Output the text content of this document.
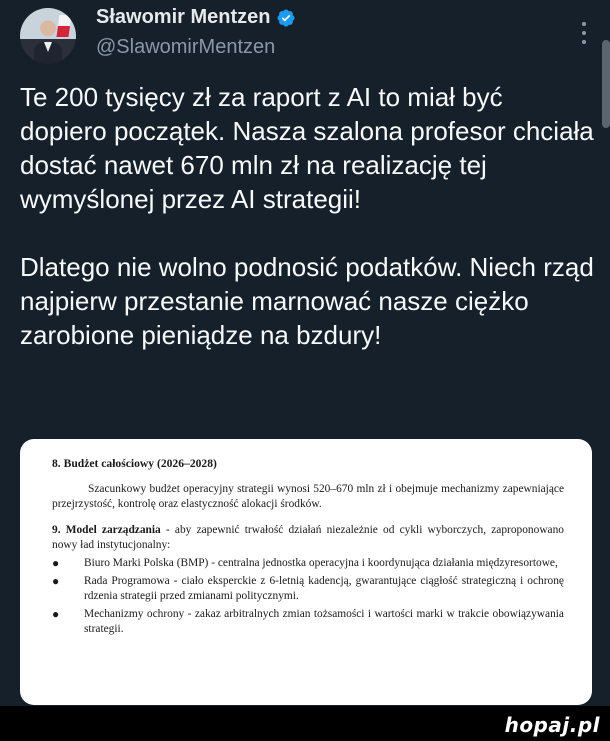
Sławomir Mentzen
@SlawomirMentzen

Te 200 tysięcy zł za raport z AI to miał być dopiero początek. Nasza szalona profesor chciała dostać nawet 670 mln zł na realizację tej wymyślonej przez AI strategii!

Dlatego nie wolno podnosić podatków. Niech rząd najpierw przestanie marnować nasze ciężko zarobione pieniądze na bzdury!

8. Budżet całościowy (2026–2028)

Szacunkowy budżet operacyjny strategii wynosi 520–670 mln zł i obejmuje mechanizmy zapewniające przejrzystość, kontrolę oraz elastyczność alokacji środków.

9. Model zarządzania - aby zapewnić trwałość działań niezależnie od cykli wyborczych, zaproponowano nowy ład instytucjonalny:

●	Biuro Marki Polska (BMP) - centralna jednostka operacyjna i koordynująca działania międzyresortowe,
●	Rada Programowa - ciało eksperckie z 6-letnią kadencją, gwarantujące ciągłość strategiczną i ochronę rdzenia strategii przed zmianami politycznymi.
●	Mechanizmy ochrony - zakaz arbitralnych zmian tożsamości i wartości marki w trakcie obowiązywania strategii.
hopaj.pl
